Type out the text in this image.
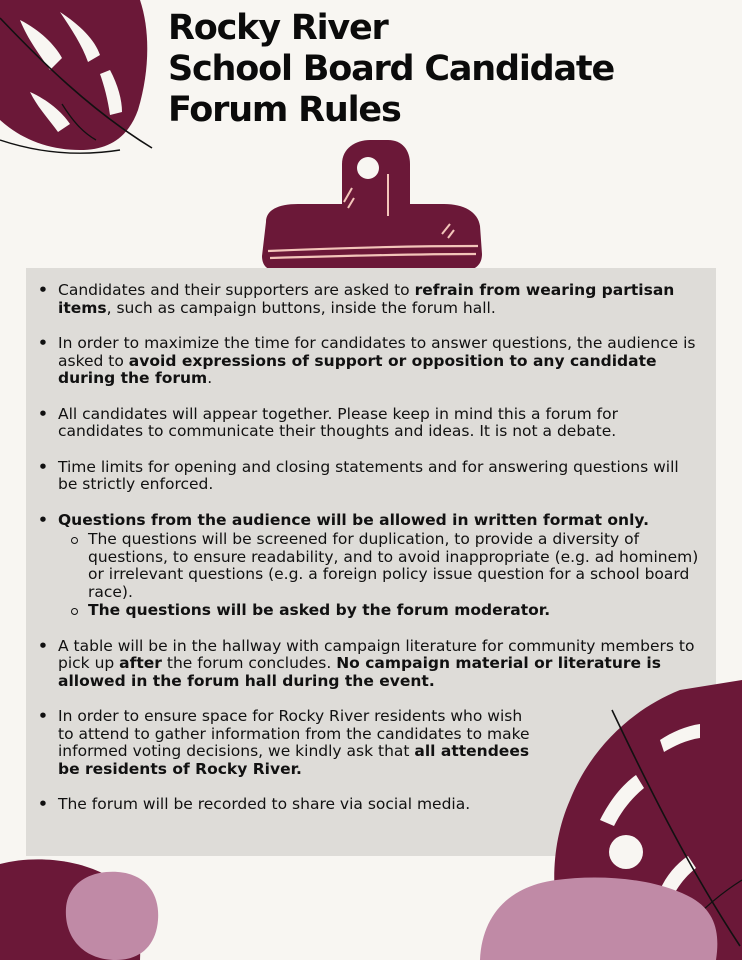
Rocky River
School Board Candidate
Forum Rules
• Candidates and their supporters are asked to refrain from wearing partisan items, such as campaign buttons, inside the forum hall.
• In order to maximize the time for candidates to answer questions, the audience is asked to avoid expressions of support or opposition to any candidate during the forum.
• All candidates will appear together. Please keep in mind this a forum for candidates to communicate their thoughts and ideas. It is not a debate.
• Time limits for opening and closing statements and for answering questions will be strictly enforced.
• Questions from the audience will be allowed in written format only.
The questions will be screened for duplication, to provide a diversity of questions, to ensure readability, and to avoid inappropriate (e.g. ad hominem) or irrelevant questions (e.g. a foreign policy issue question for a school board race).
The questions will be asked by the forum moderator.
• A table will be in the hallway with campaign literature for community members to pick up after the forum concludes. No campaign material or literature is allowed in the forum hall during the event.
• In order to ensure space for Rocky River residents who wish to attend to gather information from the candidates to make informed voting decisions, we kindly ask that all attendees be residents of Rocky River.
• The forum will be recorded to share via social media.
